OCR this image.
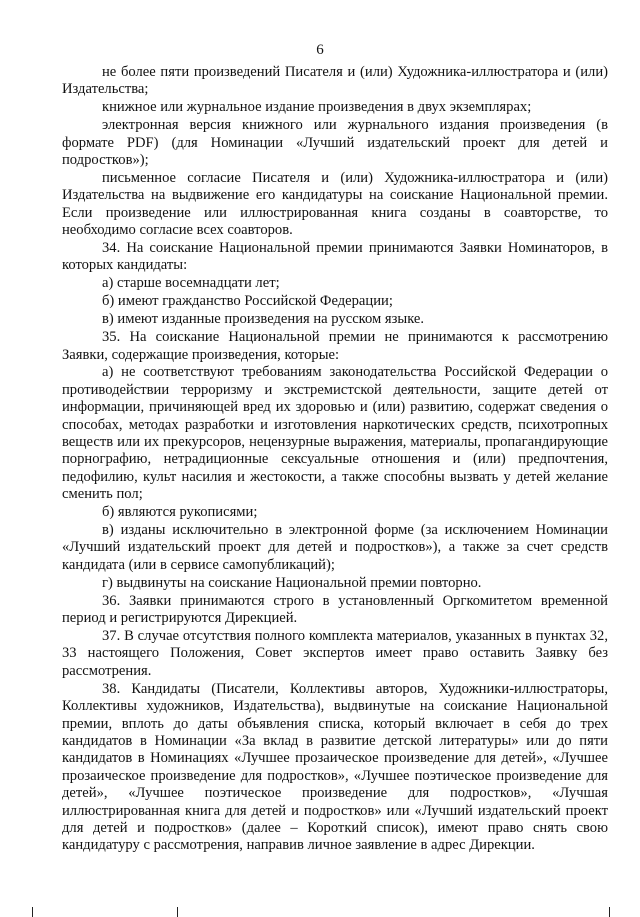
6

не более пяти произведений Писателя и (или) Художника-иллюстратора и (или) Издательства;

книжное или журнальное издание произведения в двух экземплярах;

электронная версия книжного или журнального издания произведения (в формате PDF) (для Номинации «Лучший издательский проект для детей и подростков»);

письменное согласие Писателя и (или) Художника-иллюстратора и (или) Издательства на выдвижение его кандидатуры на соискание Национальной премии. Если произведение или иллюстрированная книга созданы в соавторстве, то необходимо согласие всех соавторов.

34. На соискание Национальной премии принимаются Заявки Номинаторов, в которых кандидаты:

а) старше восемнадцати лет;

б) имеют гражданство Российской Федерации;

в) имеют изданные произведения на русском языке.

35. На соискание Национальной премии не принимаются к рассмотрению Заявки, содержащие произведения, которые:

а) не соответствуют требованиям законодательства Российской Федерации о противодействии терроризму и экстремистской деятельности, защите детей от информации, причиняющей вред их здоровью и (или) развитию, содержат сведения о способах, методах разработки и изготовления наркотических средств, психотропных веществ или их прекурсоров, нецензурные выражения, материалы, пропагандирующие порнографию, нетрадиционные сексуальные отношения и (или) предпочтения, педофилию, культ насилия и жестокости, а также способны вызвать у детей желание сменить пол;

б) являются рукописями;

в) изданы исключительно в электронной форме (за исключением Номинации «Лучший издательский проект для детей и подростков»), а также за счет средств кандидата (или в сервисе самопубликаций);

г) выдвинуты на соискание Национальной премии повторно.

36. Заявки принимаются строго в установленный Оргкомитетом временной период и регистрируются Дирекцией.

37. В случае отсутствия полного комплекта материалов, указанных в пунктах 32, 33 настоящего Положения, Совет экспертов имеет право оставить Заявку без рассмотрения.

38. Кандидаты (Писатели, Коллективы авторов, Художники-иллюстраторы, Коллективы художников, Издательства), выдвинутые на соискание Национальной премии, вплоть до даты объявления списка, который включает в себя до трех кандидатов в Номинации «За вклад в развитие детской литературы» или до пяти кандидатов в Номинациях «Лучшее прозаическое произведение для детей», «Лучшее прозаическое произведение для подростков», «Лучшее поэтическое произведение для детей», «Лучшее поэтическое произведение для подростков», «Лучшая иллюстрированная книга для детей и подростков» или «Лучший издательский проект для детей и подростков» (далее – Короткий список), имеют право снять свою кандидатуру с рассмотрения, направив личное заявление в адрес Дирекции.
